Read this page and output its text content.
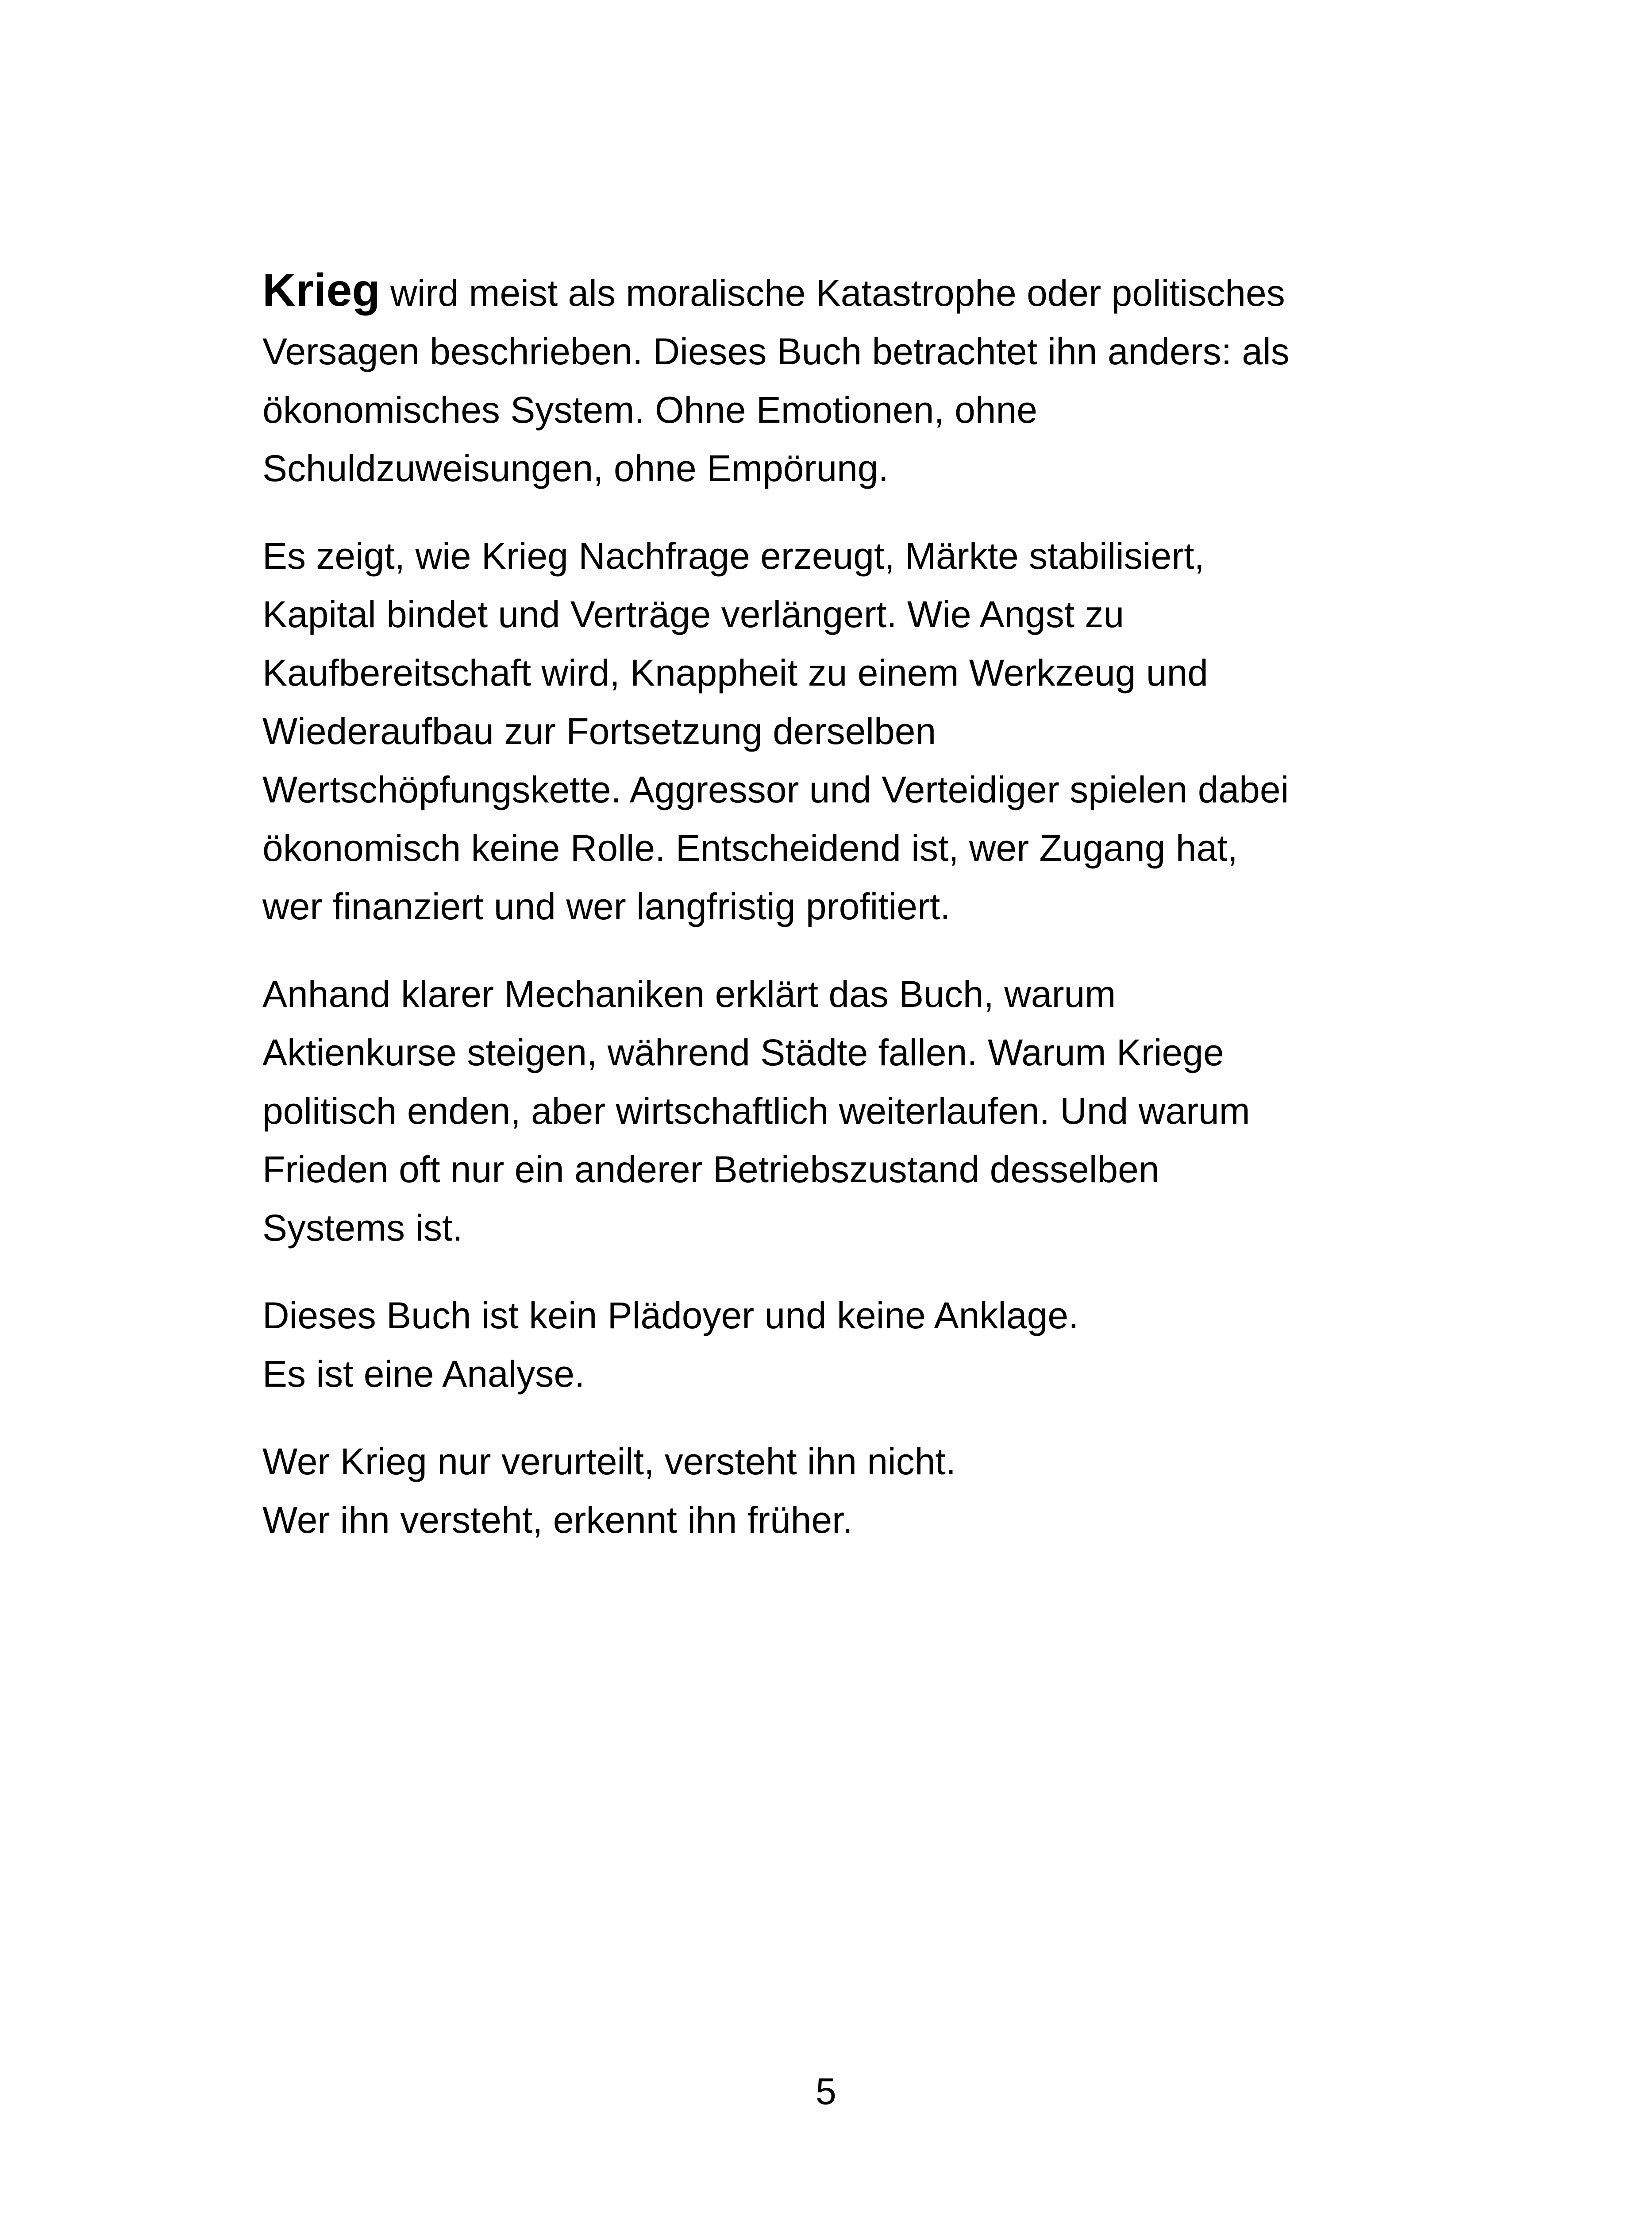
Krieg wird meist als moralische Katastrophe oder politisches
Versagen beschrieben. Dieses Buch betrachtet ihn anders: als
ökonomisches System. Ohne Emotionen, ohne
Schuldzuweisungen, ohne Empörung.

Es zeigt, wie Krieg Nachfrage erzeugt, Märkte stabilisiert,
Kapital bindet und Verträge verlängert. Wie Angst zu
Kaufbereitschaft wird, Knappheit zu einem Werkzeug und
Wiederaufbau zur Fortsetzung derselben
Wertschöpfungskette. Aggressor und Verteidiger spielen dabei
ökonomisch keine Rolle. Entscheidend ist, wer Zugang hat,
wer finanziert und wer langfristig profitiert.

Anhand klarer Mechaniken erklärt das Buch, warum
Aktienkurse steigen, während Städte fallen. Warum Kriege
politisch enden, aber wirtschaftlich weiterlaufen. Und warum
Frieden oft nur ein anderer Betriebszustand desselben
Systems ist.

Dieses Buch ist kein Plädoyer und keine Anklage.
Es ist eine Analyse.

Wer Krieg nur verurteilt, versteht ihn nicht.
Wer ihn versteht, erkennt ihn früher.

5
